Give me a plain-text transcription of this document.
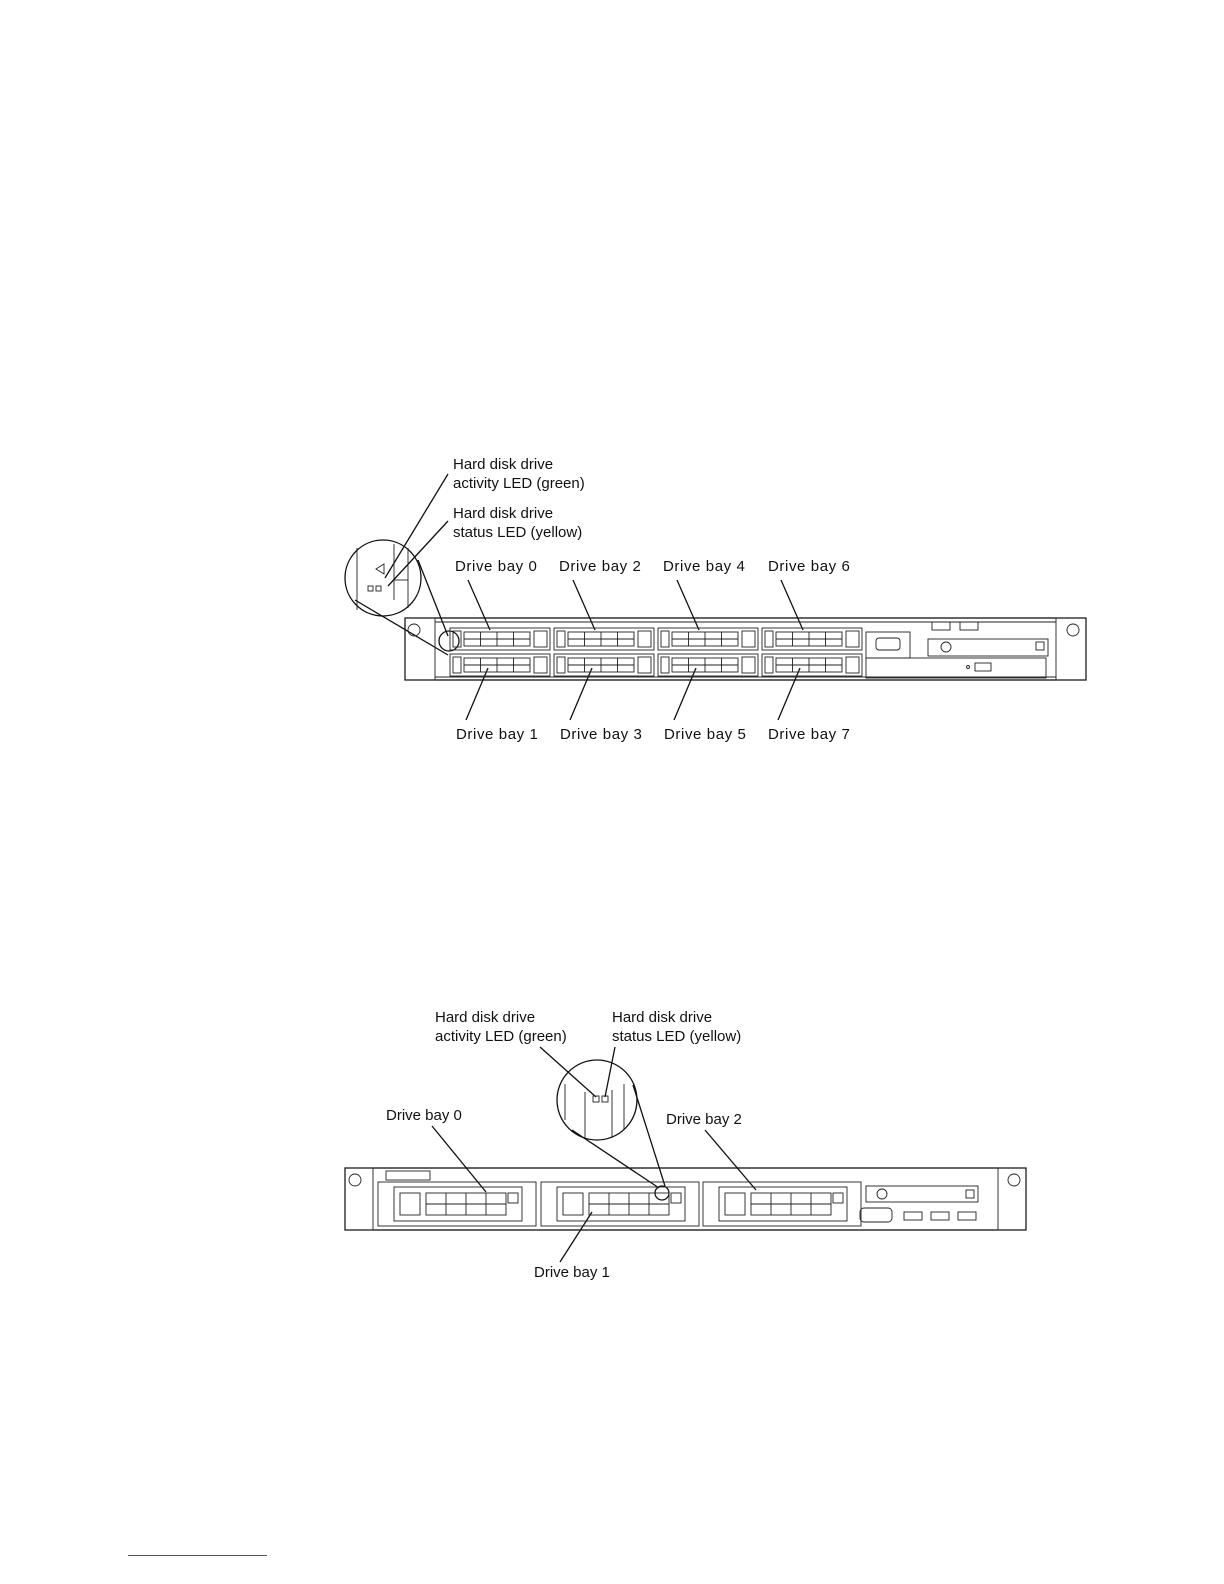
Hard disk drive
activity LED (green)
Hard disk drive
status LED (yellow)
Drive bay 0 Drive bay 2 Drive bay 4 Drive bay 6
Drive bay 1 Drive bay 3 Drive bay 5 Drive bay 7
Hard disk drive
activity LED (green)
Hard disk drive
status LED (yellow)
Drive bay 0	Drive bay 2
Drive bay 1
